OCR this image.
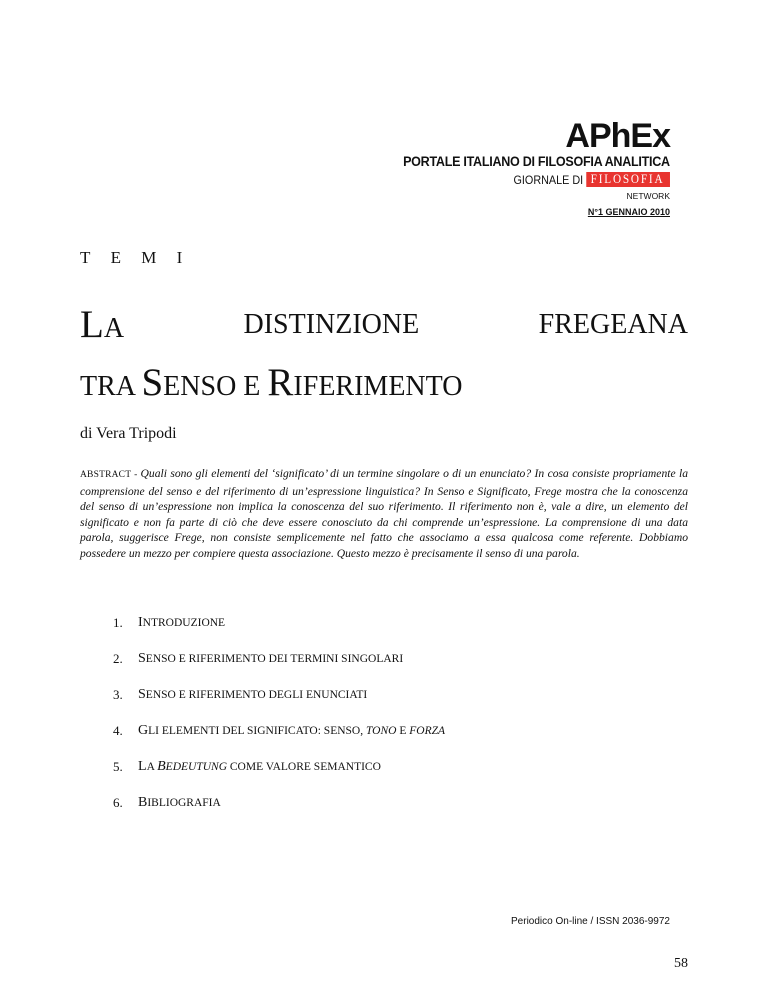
APhEx
PORTALE ITALIANO DI FILOSOFIA ANALITICA
GIORNALE DI FILOSOFIA
NETWORK
N°1 GENNAIO 2010
T E M I
LA	DISTINZIONE	FREGEANA
TRA SENSO E RIFERIMENTO
di Vera Tripodi
ABSTRACT - Quali sono gli elementi del ‘significato’ di un termine singolare o di un enunciato? In cosa consiste propriamente la comprensione del senso e del riferimento di un’espressione linguistica? In Senso e Significato, Frege mostra che la conoscenza del senso di un’espressione non implica la conoscenza del suo riferimento. Il riferimento non è, vale a dire, un elemento del significato e non fa parte di ciò che deve essere conosciuto da chi comprende un’espressione. La comprensione di una data parola, suggerisce Frege, non consiste semplicemente nel fatto che associamo a essa qualcosa come referente. Dobbiamo possedere un mezzo per compiere questa associazione. Questo mezzo è precisamente il senso di una parola.
1.	INTRODUZIONE
2.	SENSO E RIFERIMENTO DEI TERMINI SINGOLARI
3.	SENSO E RIFERIMENTO DEGLI ENUNCIATI
4.	GLI ELEMENTI DEL SIGNIFICATO: SENSO, TONO E FORZA
5.	LA BEDEUTUNG COME VALORE SEMANTICO
6.	BIBLIOGRAFIA
Periodico On-line / ISSN 2036-9972
58
